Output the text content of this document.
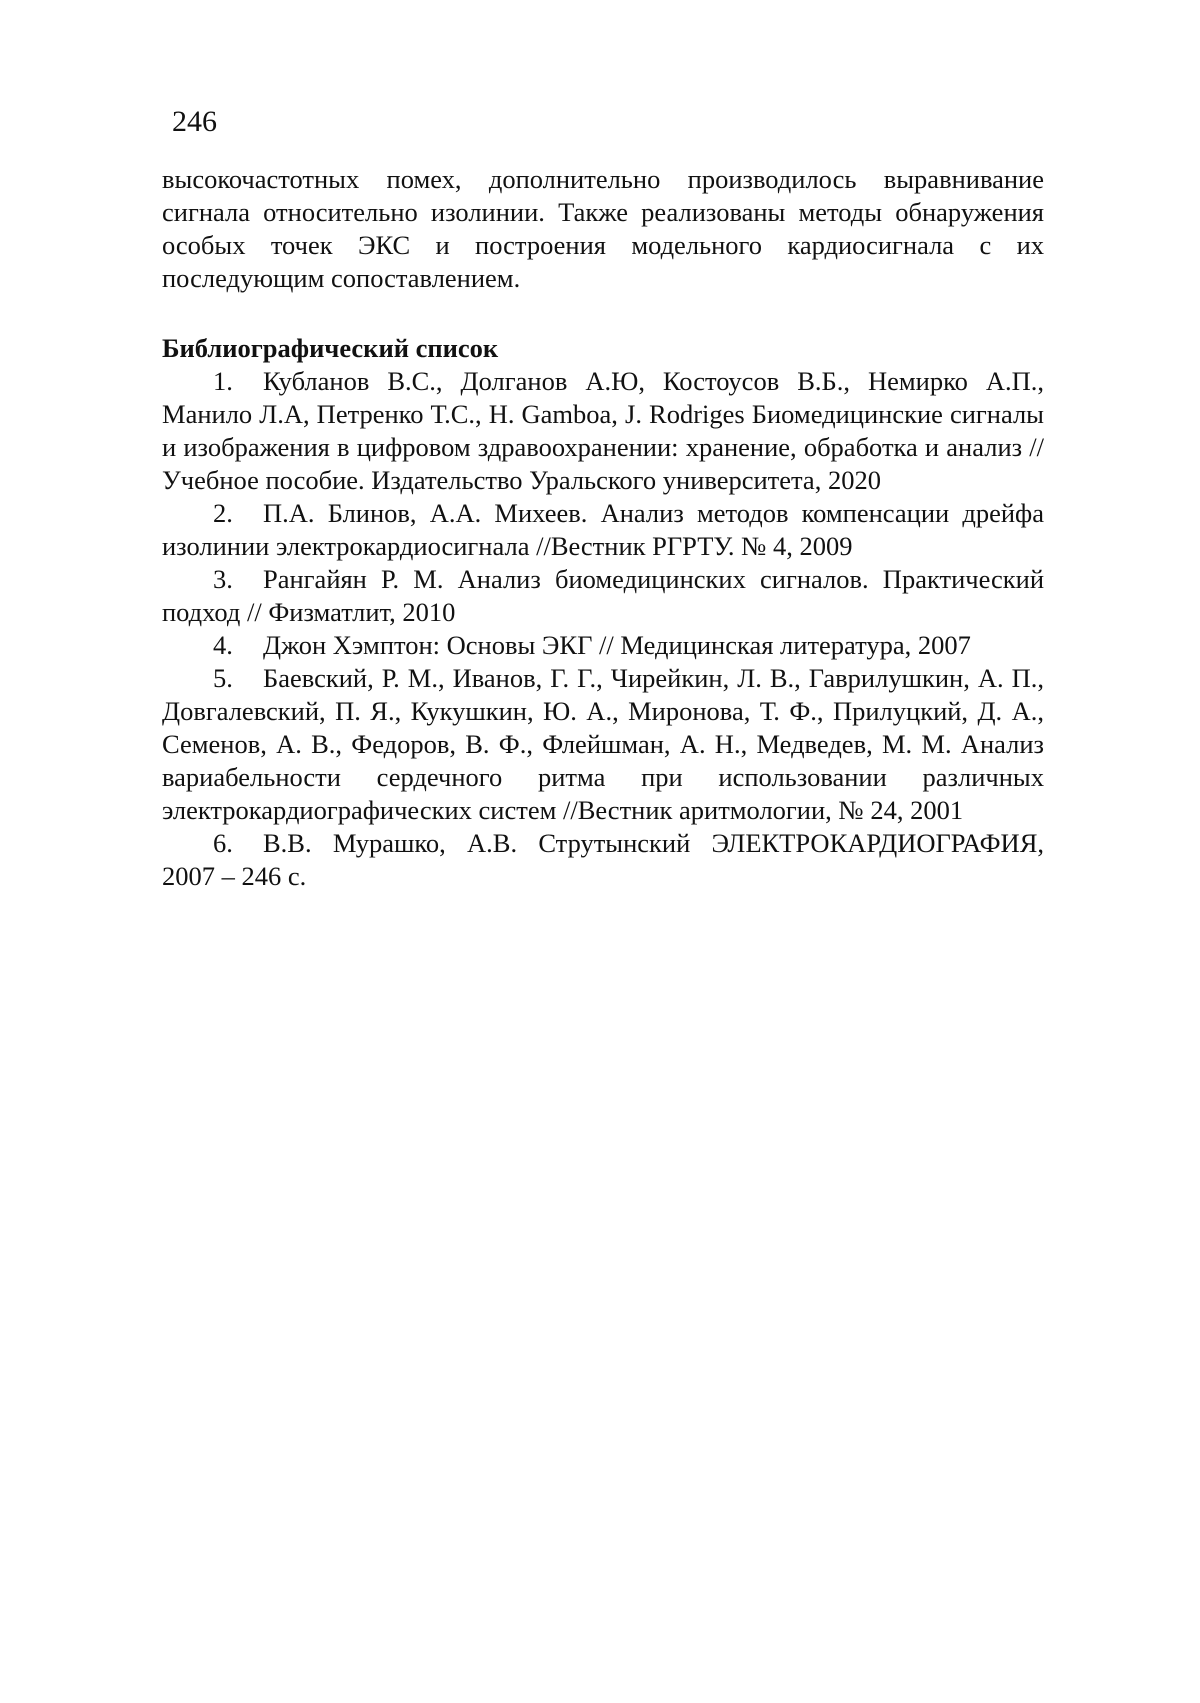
246

высокочастотных помех, дополнительно производилось выравнивание сигнала относительно изолинии. Также реализованы методы обнаружения особых точек ЭКС и построения модельного кардиосигнала с их последующим сопоставлением.

Библиографический список
1. Кубланов В.С., Долганов А.Ю, Костоусов В.Б., Немирко А.П., Манило Л.А, Петренко Т.С., H. Gamboa, J. Rodriges Биомедицинские сигналы и изображения в цифровом здравоохранении: хранение, обработка и анализ // Учебное пособие. Издательство Уральского университета, 2020
2. П.А. Блинов, А.А. Михеев. Анализ методов компенсации дрейфа изолинии электрокардиосигнала //Вестник РГРТУ. № 4, 2009
3. Рангайян Р. М. Анализ биомедицинских сигналов. Практический подход // Физматлит, 2010
4. Джон Хэмптон: Основы ЭКГ // Медицинская литература, 2007
5. Баевский, Р. М., Иванов, Г. Г., Чирейкин, Л. В., Гаврилушкин, А. П., Довгалевский, П. Я., Кукушкин, Ю. А., Миронова, Т. Ф., Прилуцкий, Д. А., Семенов, А. В., Федоров, В. Ф., Флейшман, А. Н., Медведев, М. М. Анализ вариабельности сердечного ритма при использовании различных электрокардиографических систем //Вестник аритмологии, № 24, 2001
6. В.В. Мурашко, А.В. Струтынский ЭЛЕКТРОКАРДИОГРАФИЯ, 2007 – 246 с.
